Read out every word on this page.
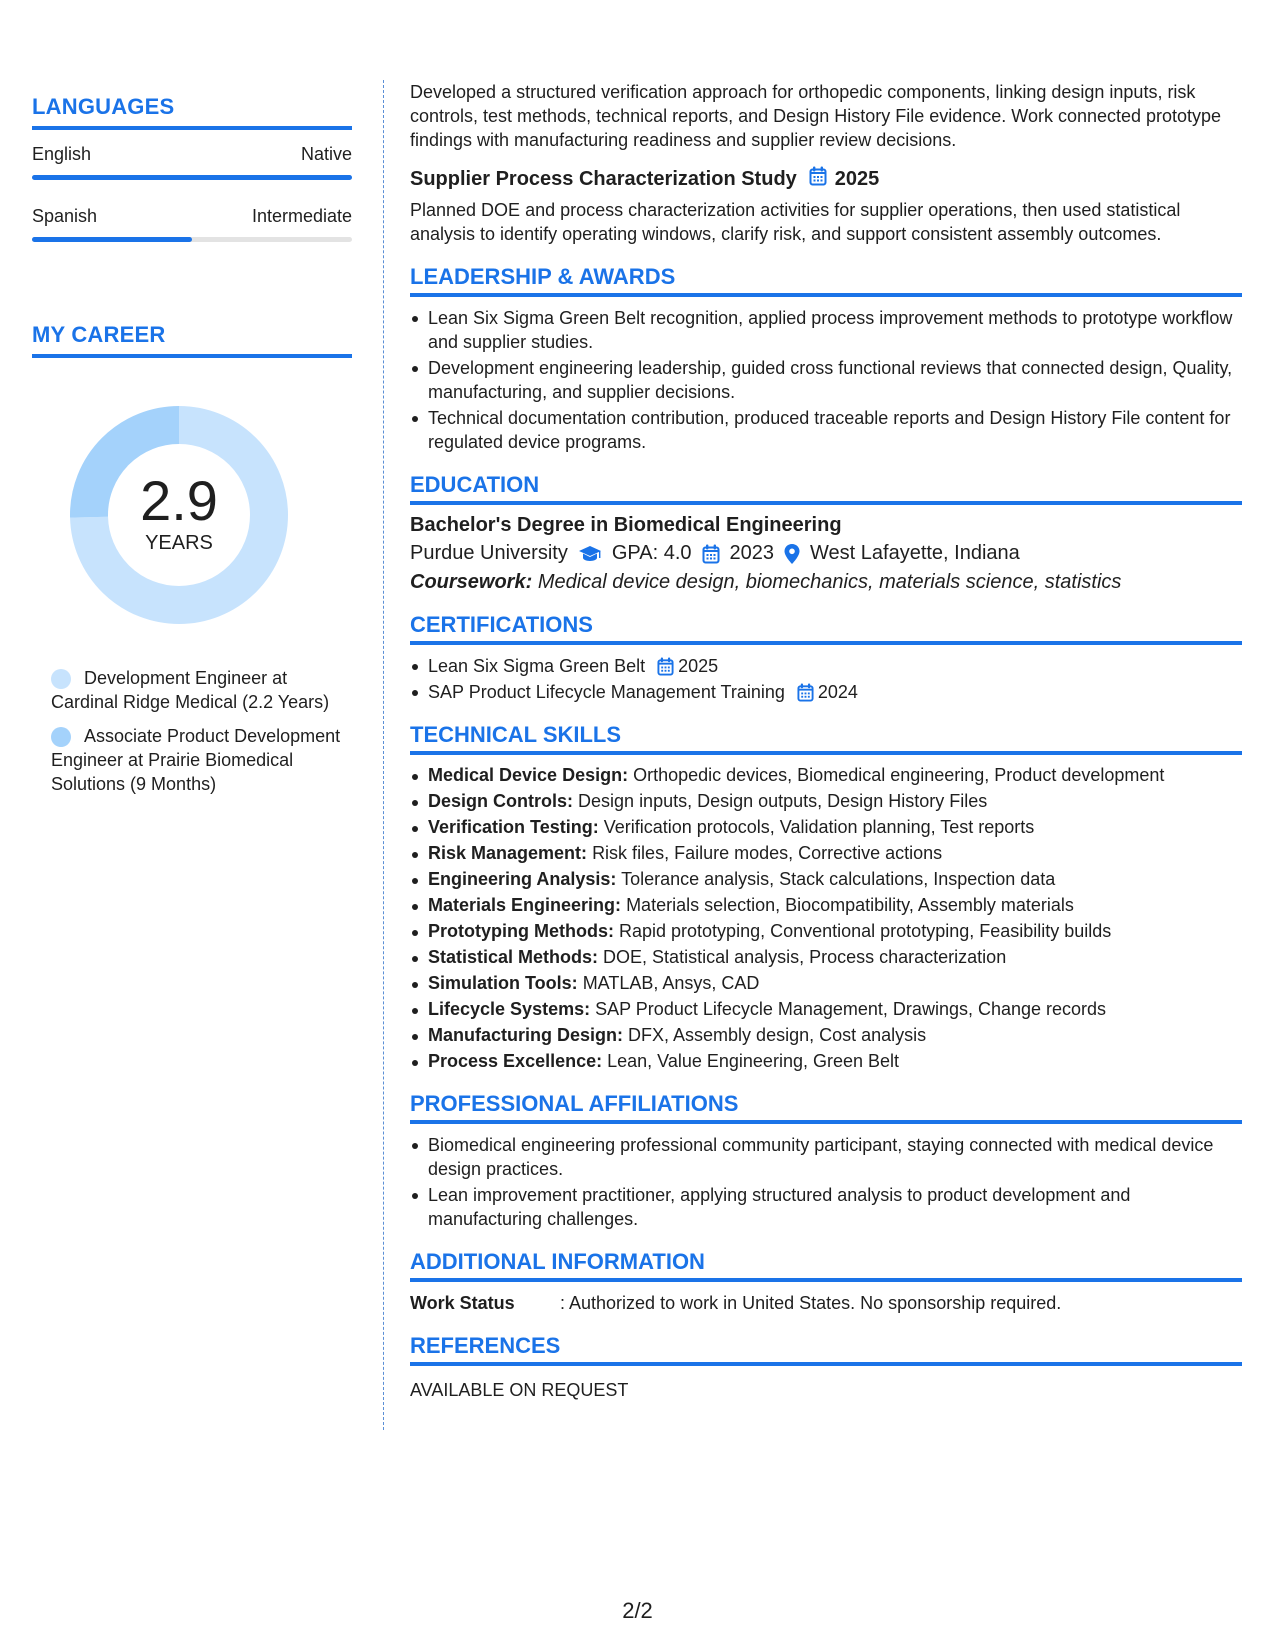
LANGUAGES
English	Native
Spanish	Intermediate
MY CAREER
2.9
YEARS
Development Engineer at Cardinal Ridge Medical (2.2 Years)
Associate Product Development Engineer at Prairie Biomedical Solutions (9 Months)

Developed a structured verification approach for orthopedic components, linking design inputs, risk controls, test methods, technical reports, and Design History File evidence. Work connected prototype findings with manufacturing readiness and supplier review decisions.

Supplier Process Characterization Study 2025

Planned DOE and process characterization activities for supplier operations, then used statistical analysis to identify operating windows, clarify risk, and support consistent assembly outcomes.

LEADERSHIP & AWARDS
Lean Six Sigma Green Belt recognition, applied process improvement methods to prototype workflow and supplier studies.
Development engineering leadership, guided cross functional reviews that connected design, Quality, manufacturing, and supplier decisions.
Technical documentation contribution, produced traceable reports and Design History File content for regulated device programs.
EDUCATION
Bachelor's Degree in Biomedical Engineering
Purdue University GPA: 4.0 2023 West Lafayette, Indiana
Coursework: Medical device design, biomechanics, materials science, statistics
CERTIFICATIONS
Lean Six Sigma Green Belt 2025
SAP Product Lifecycle Management Training 2024
TECHNICAL SKILLS
Medical Device Design: Orthopedic devices, Biomedical engineering, Product development
Design Controls: Design inputs, Design outputs, Design History Files
Verification Testing: Verification protocols, Validation planning, Test reports
Risk Management: Risk files, Failure modes, Corrective actions
Engineering Analysis: Tolerance analysis, Stack calculations, Inspection data
Materials Engineering: Materials selection, Biocompatibility, Assembly materials
Prototyping Methods: Rapid prototyping, Conventional prototyping, Feasibility builds
Statistical Methods: DOE, Statistical analysis, Process characterization
Simulation Tools: MATLAB, Ansys, CAD
Lifecycle Systems: SAP Product Lifecycle Management, Drawings, Change records
Manufacturing Design: DFX, Assembly design, Cost analysis
Process Excellence: Lean, Value Engineering, Green Belt
PROFESSIONAL AFFILIATIONS
Biomedical engineering professional community participant, staying connected with medical device design practices.
Lean improvement practitioner, applying structured analysis to product development and manufacturing challenges.
ADDITIONAL INFORMATION
Work Status	: Authorized to work in United States. No sponsorship required.
REFERENCES
AVAILABLE ON REQUEST
2/2
